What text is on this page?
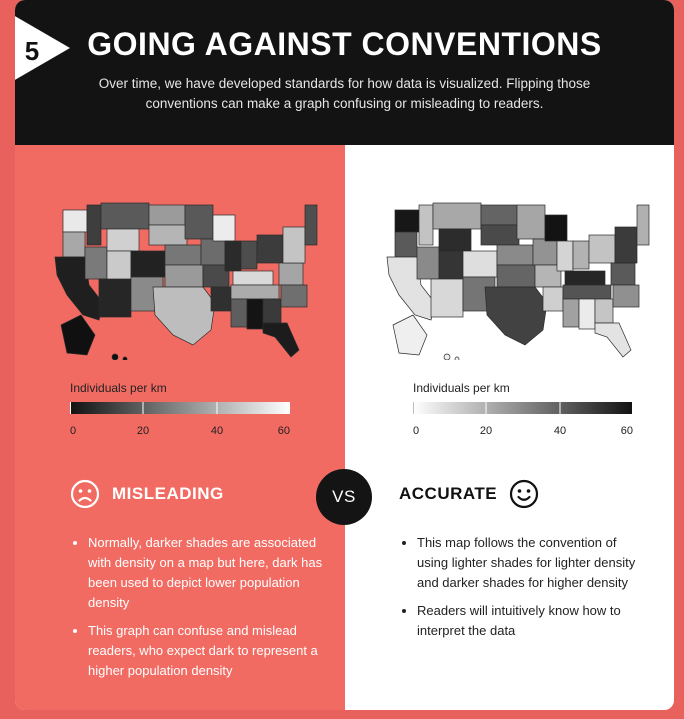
5	GOING AGAINST CONVENTIONS
Over time, we have developed standards for how data is visualized. Flipping those conventions can make a graph confusing or misleading to readers.
Individuals per km
0	20	40	60
MISLEADING
• Normally, darker shades are associated with density on a map but here, dark has been used to depict lower population density
• This graph can confuse and mislead readers, who expect dark to represent a higher population density
Individuals per km
0	20	40	60
ACCURATE
• This map follows the convention of using lighter shades for lighter density and darker shades for higher density
• Readers will intuitively know how to interpret the data
VS
